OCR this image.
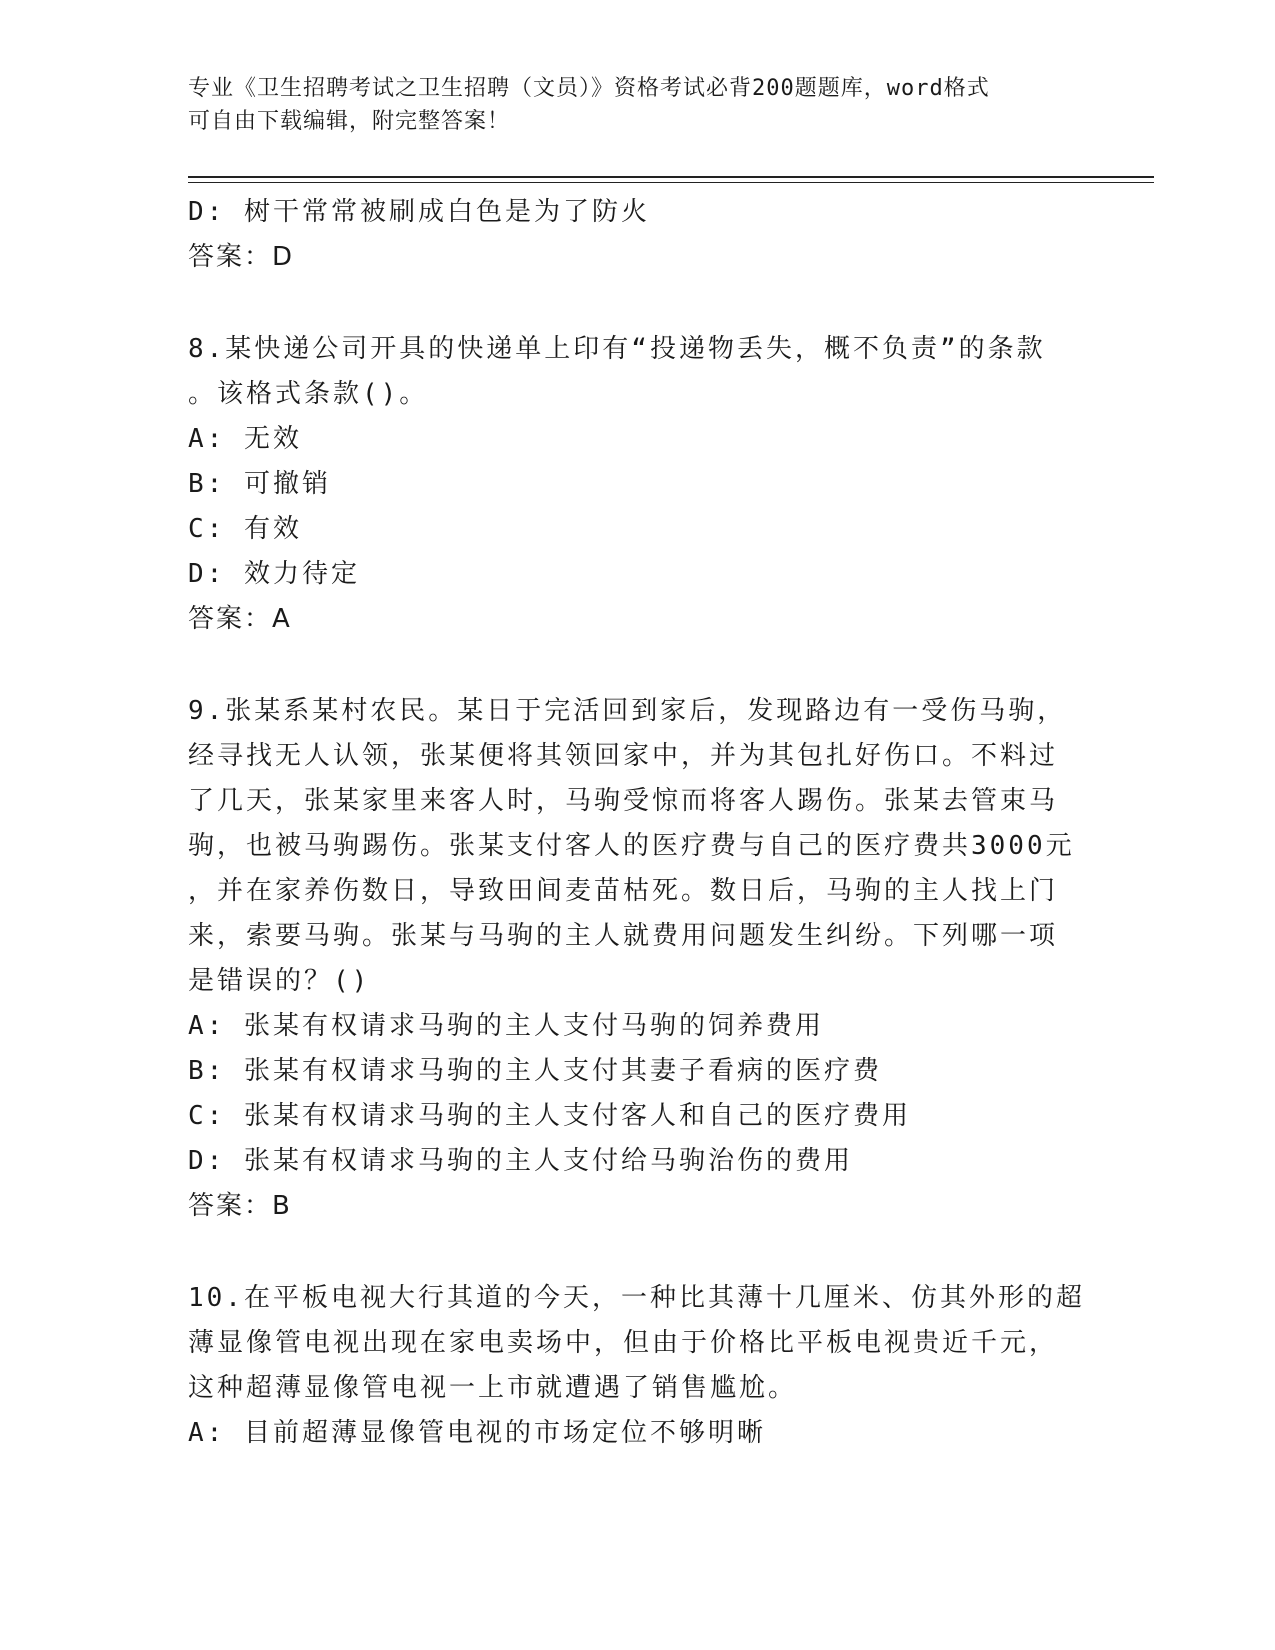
专业《卫生招聘考试之卫生招聘（文员）》资格考试必背200题题库，word格式
可自由下载编辑，附完整答案！
D: 树干常常被刷成白色是为了防火
答案：D
8.某快递公司开具的快递单上印有“投递物丢失，概不负责”的条款
。该格式条款()。
A: 无效
B: 可撤销
C: 有效
D: 效力待定
答案：A
9.张某系某村农民。某日于完活回到家后，发现路边有一受伤马驹，
经寻找无人认领，张某便将其领回家中，并为其包扎好伤口。不料过
了几天，张某家里来客人时，马驹受惊而将客人踢伤。张某去管束马
驹，也被马驹踢伤。张某支付客人的医疗费与自己的医疗费共3000元
，并在家养伤数日，导致田间麦苗枯死。数日后，马驹的主人找上门
来，索要马驹。张某与马驹的主人就费用问题发生纠纷。下列哪一项
是错误的？()
A: 张某有权请求马驹的主人支付马驹的饲养费用
B: 张某有权请求马驹的主人支付其妻子看病的医疗费
C: 张某有权请求马驹的主人支付客人和自己的医疗费用
D: 张某有权请求马驹的主人支付给马驹治伤的费用
答案：B
10.在平板电视大行其道的今天，一种比其薄十几厘米、仿其外形的超
薄显像管电视出现在家电卖场中，但由于价格比平板电视贵近千元，
这种超薄显像管电视一上市就遭遇了销售尴尬。
A: 目前超薄显像管电视的市场定位不够明晰
